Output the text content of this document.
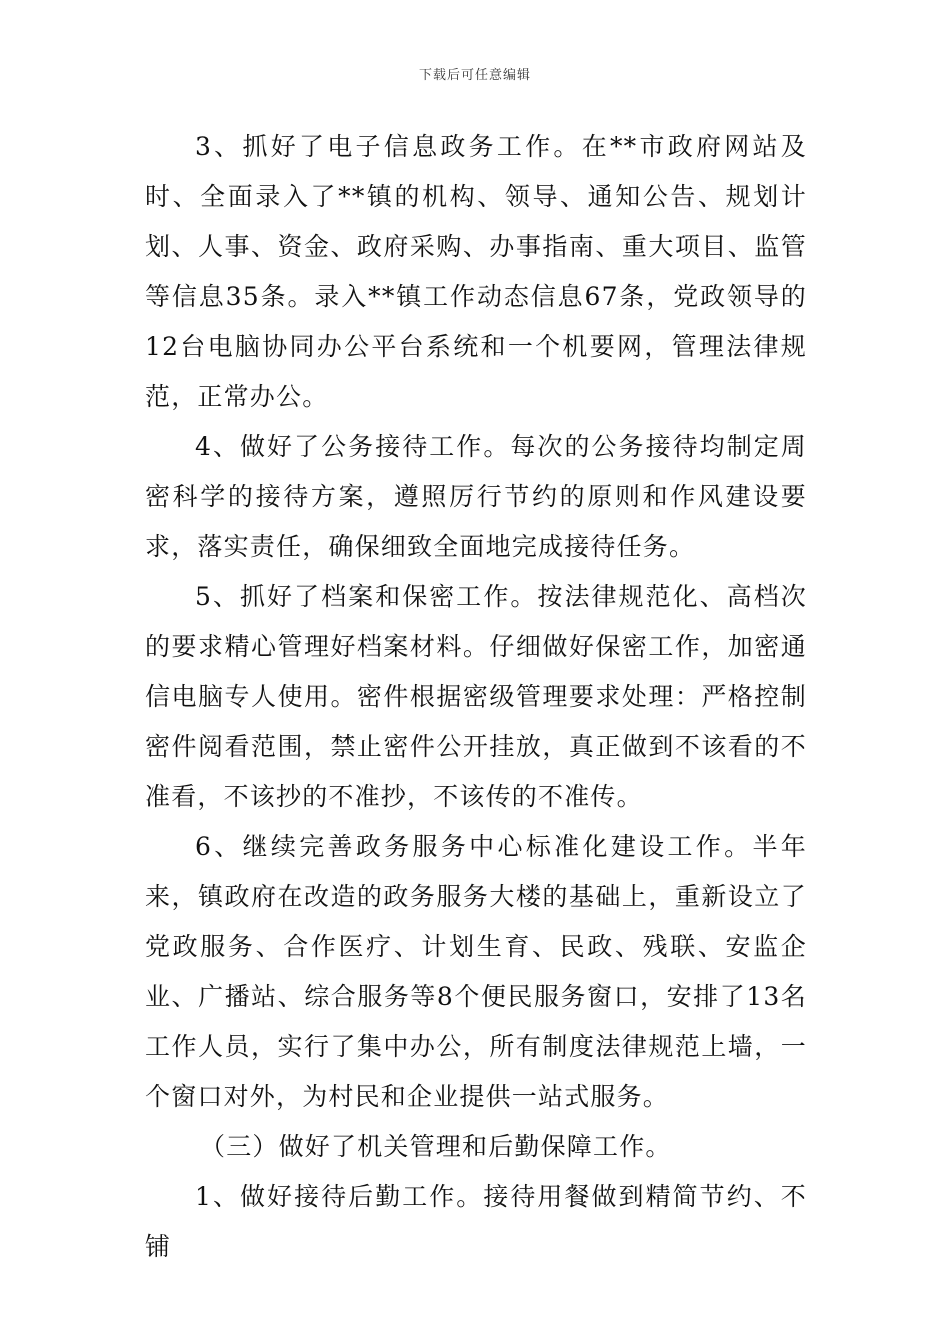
下载后可任意编辑

3、抓好了电子信息政务工作。在**市政府网站及时、全面录入了**镇的机构、领导、通知公告、规划计划、人事、资金、政府采购、办事指南、重大项目、监管等信息35条。录入**镇工作动态信息67条，党政领导的12台电脑协同办公平台系统和一个机要网，管理法律规范，正常办公。

4、做好了公务接待工作。每次的公务接待均制定周密科学的接待方案，遵照厉行节约的原则和作风建设要求，落实责任，确保细致全面地完成接待任务。

5、抓好了档案和保密工作。按法律规范化、高档次的要求精心管理好档案材料。仔细做好保密工作，加密通信电脑专人使用。密件根据密级管理要求处理：严格控制密件阅看范围，禁止密件公开挂放，真正做到不该看的不准看，不该抄的不准抄，不该传的不准传。

6、继续完善政务服务中心标准化建设工作。半年来，镇政府在改造的政务服务大楼的基础上，重新设立了党政服务、合作医疗、计划生育、民政、残联、安监企业、广播站、综合服务等8个便民服务窗口，安排了13名工作人员，实行了集中办公，所有制度法律规范上墙，一个窗口对外，为村民和企业提供一站式服务。

（三）做好了机关管理和后勤保障工作。

1、做好接待后勤工作。接待用餐做到精简节约、不铺
